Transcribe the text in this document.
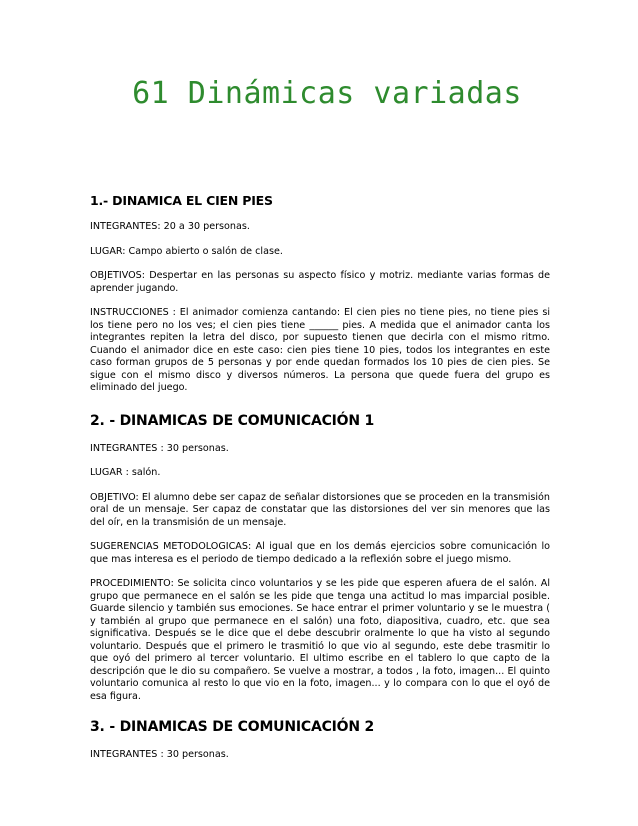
61 Dinámicas variadas
1.- DINAMICA EL CIEN PIES

INTEGRANTES: 20 a 30 personas.

LUGAR: Campo abierto o salón de clase.

OBJETIVOS: Despertar en las personas su aspecto físico y motriz. mediante varias formas de aprender jugando.

INSTRUCCIONES : El animador comienza cantando: El cien pies no tiene pies, no tiene pies si los tiene pero no los ves; el cien pies tiene ______ pies. A medida que el animador canta los integrantes repiten la letra del disco, por supuesto tienen que decirla con el mismo ritmo. Cuando el animador dice en este caso: cien pies tiene 10 pies, todos los integrantes en este caso forman grupos de 5 personas y por ende quedan formados los 10 pies de cien pies. Se sigue con el mismo disco y diversos números. La persona que quede fuera del grupo es eliminado del juego.

2. - DINAMICAS DE COMUNICACIÓN 1

INTEGRANTES : 30 personas.

LUGAR : salón.

OBJETIVO: El alumno debe ser capaz de señalar distorsiones que se proceden en la transmisión oral de un mensaje. Ser capaz de constatar que las distorsiones del ver sin menores que las del oír, en la transmisión de un mensaje.

SUGERENCIAS METODOLOGICAS: Al igual que en los demás ejercicios sobre comunicación lo que mas interesa es el periodo de tiempo dedicado a la reflexión sobre el juego mismo.

PROCEDIMIENTO: Se solicita cinco voluntarios y se les pide que esperen afuera de el salón. Al grupo que permanece en el salón se les pide que tenga una actitud lo mas imparcial posible. Guarde silencio y también sus emociones. Se hace entrar el primer voluntario y se le muestra ( y también al grupo que permanece en el salón) una foto, diapositiva, cuadro, etc. que sea significativa. Después se le dice que el debe descubrir oralmente lo que ha visto al segundo voluntario. Después que el primero le trasmitió lo que vio al segundo, este debe trasmitir lo que oyó del primero al tercer voluntario. El ultimo escribe en el tablero lo que capto de la descripción que le dio su compañero. Se vuelve a mostrar, a todos , la foto, imagen... El quinto voluntario comunica al resto lo que vio en la foto, imagen... y lo compara con lo que el oyó de esa figura.

3. - DINAMICAS DE COMUNICACIÓN 2

INTEGRANTES : 30 personas.
